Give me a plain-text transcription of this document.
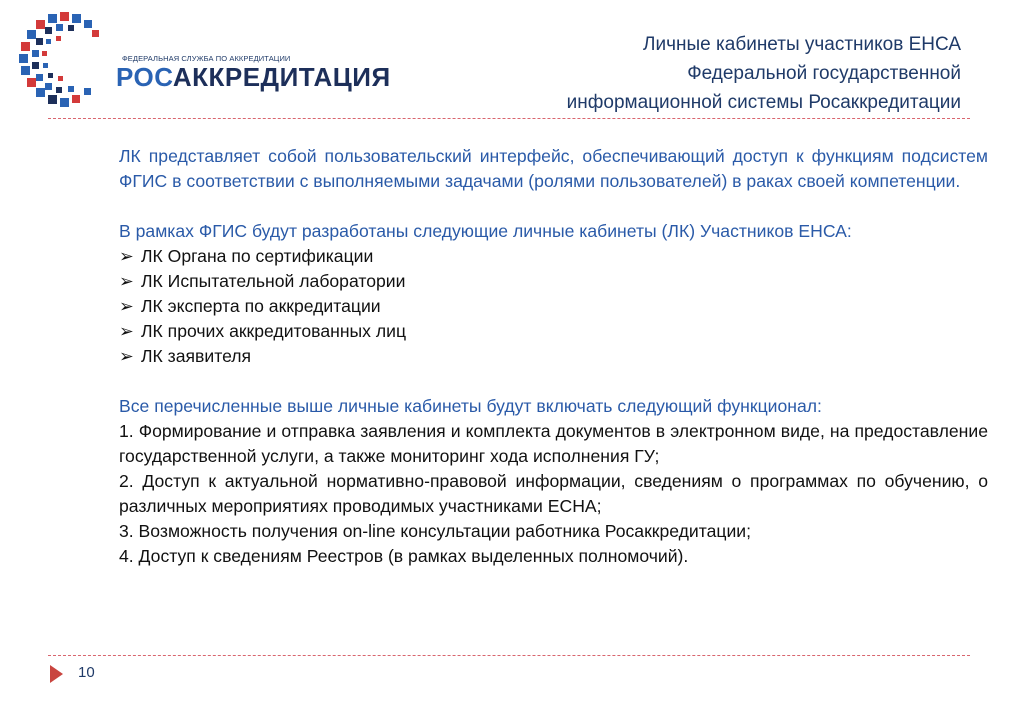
ФЕДЕРАЛЬНАЯ СЛУЖБА ПО АККРЕДИТАЦИИ
РОСАККРЕДИТАЦИЯ
Личные кабинеты участников ЕНСА
Федеральной государственной
информационной системы Росаккредитации
ЛК представляет собой пользовательский интерфейс, обеспечивающий доступ к функциям подсистем ФГИС в соответствии с выполняемыми задачами (ролями пользователей) в раках своей компетенции.
В рамках ФГИС будут разработаны следующие личные кабинеты (ЛК) Участников ЕНСА:
➢ ЛК Органа по сертификации
➢ ЛК Испытательной лаборатории
➢ ЛК эксперта по аккредитации
➢ ЛК прочих аккредитованных лиц
➢ ЛК заявителя
Все перечисленные выше личные кабинеты будут включать следующий функционал:
1. Формирование и отправка заявления и комплекта документов в электронном виде, на предоставление государственной услуги, а также мониторинг хода исполнения ГУ;
2. Доступ к актуальной нормативно-правовой информации, сведениям о программах по обучению, о различных мероприятиях проводимых участниками ЕСНА;
3. Возможность получения on-line консультации работника Росаккредитации;
4. Доступ к сведениям Реестров (в рамках выделенных полномочий).
10
